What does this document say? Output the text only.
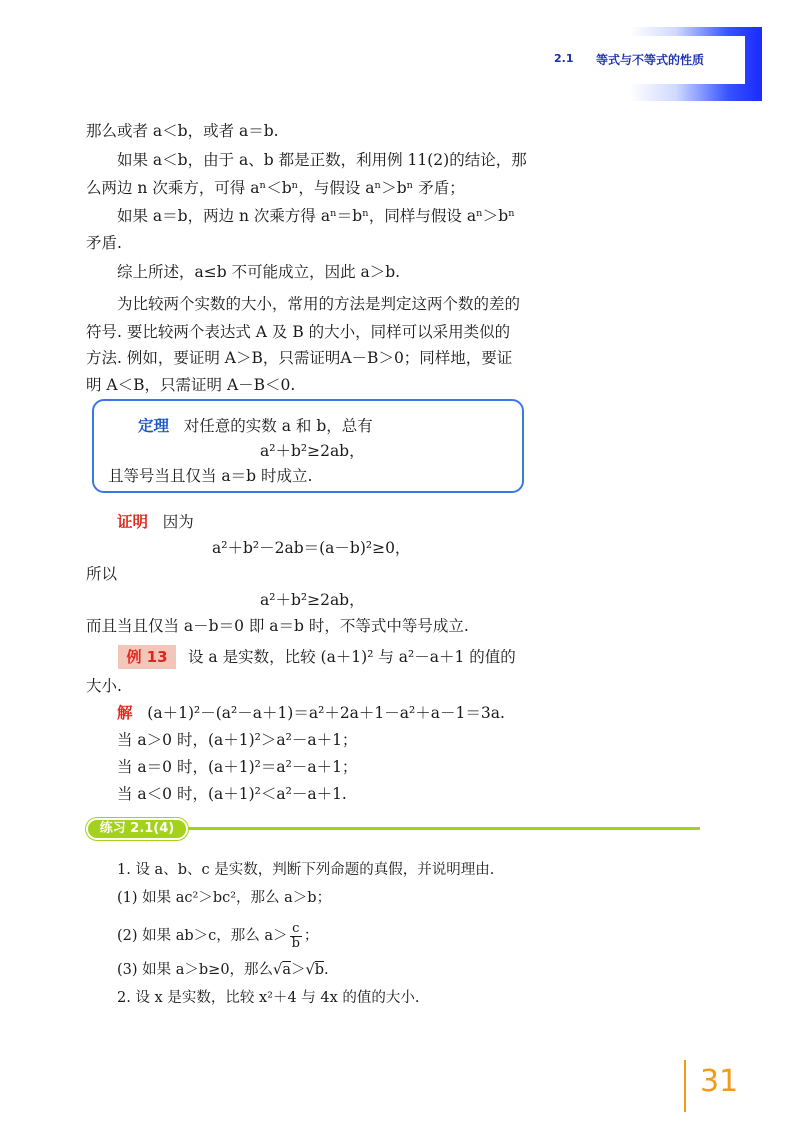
2.1 等式与不等式的性质
那么或者 a＜b，或者 a＝b.
如果 a＜b，由于 a、b 都是正数，利用例 11(2)的结论，那
么两边 n 次乘方，可得 aⁿ＜bⁿ，与假设 aⁿ＞bⁿ 矛盾；
如果 a＝b，两边 n 次乘方得 aⁿ＝bⁿ，同样与假设 aⁿ＞bⁿ
矛盾.
综上所述，a≤b 不可能成立，因此 a＞b.
为比较两个实数的大小，常用的方法是判定这两个数的差的
符号. 要比较两个表达式 A 及 B 的大小，同样可以采用类似的
方法. 例如，要证明 A＞B，只需证明A－B＞0；同样地，要证
明 A＜B，只需证明 A－B＜0.
定理 对任意的实数 a 和 b，总有
a²＋b²≥2ab，
且等号当且仅当 a＝b 时成立.
证明 因为
a²＋b²－2ab＝(a－b)²≥0，
所以
a²＋b²≥2ab，
而且当且仅当 a－b＝0 即 a＝b 时，不等式中等号成立.
例 13	设 a 是实数，比较 (a＋1)² 与 a²－a＋1 的值的
大小.
解 (a＋1)²－(a²－a＋1)＝a²＋2a＋1－a²＋a－1＝3a.
当 a＞0 时，(a＋1)²＞a²－a＋1；
当 a＝0 时，(a＋1)²＝a²－a＋1；
当 a＜0 时，(a＋1)²＜a²－a＋1.
练习 2.1(4)
1. 设 a、b、c 是实数，判断下列命题的真假，并说明理由.
(1) 如果 ac²＞bc²，那么 a＞b；
(2) 如果 ab＞c，那么 $a> \frac{c}{b}$ ；
(3) 如果 a＞b≥0，那么√a＞√b.
2. 设 x 是实数，比较 x²＋4 与 4x 的值的大小.
31
